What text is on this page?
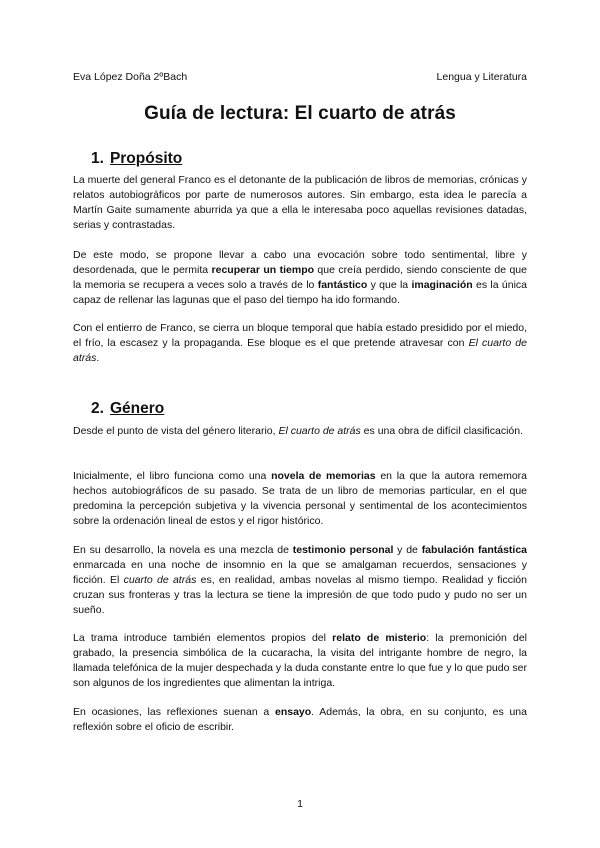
Eva López Doña 2ºBach	Lengua y Literatura
Guía de lectura: El cuarto de atrás
1. Propósito

La muerte del general Franco es el detonante de la publicación de libros de memorias, crónicas y relatos autobiográficos por parte de numerosos autores. Sin embargo, esta idea le parecía a Martín Gaite sumamente aburrida ya que a ella le interesaba poco aquellas revisiones datadas, serias y contrastadas.

De este modo, se propone llevar a cabo una evocación sobre todo sentimental, libre y desordenada, que le permita recuperar un tiempo que creía perdido, siendo consciente de que la memoria se recupera a veces solo a través de lo fantástico y que la imaginación es la única capaz de rellenar las lagunas que el paso del tiempo ha ido formando.

Con el entierro de Franco, se cierra un bloque temporal que había estado presidido por el miedo, el frío, la escasez y la propaganda. Ese bloque es el que pretende atravesar con El cuarto de atrás.

2. Género

Desde el punto de vista del género literario, El cuarto de atrás es una obra de difícil clasificación.

Inicialmente, el libro funciona como una novela de memorias en la que la autora rememora hechos autobiográficos de su pasado. Se trata de un libro de memorias particular, en el que predomina la percepción subjetiva y la vivencia personal y sentimental de los acontecimientos sobre la ordenación lineal de estos y el rigor histórico.

En su desarrollo, la novela es una mezcla de testimonio personal y de fabulación fantástica enmarcada en una noche de insomnio en la que se amalgaman recuerdos, sensaciones y ficción. El cuarto de atrás es, en realidad, ambas novelas al mismo tiempo. Realidad y ficción cruzan sus fronteras y tras la lectura se tiene la impresión de que todo pudo y pudo no ser un sueño.

La trama introduce también elementos propios del relato de misterio: la premonición del grabado, la presencia simbólica de la cucaracha, la visita del intrigante hombre de negro, la llamada telefónica de la mujer despechada y la duda constante entre lo que fue y lo que pudo ser son algunos de los ingredientes que alimentan la intriga.

En ocasiones, las reflexiones suenan a ensayo. Además, la obra, en su conjunto, es una reflexión sobre el oficio de escribir.

1
